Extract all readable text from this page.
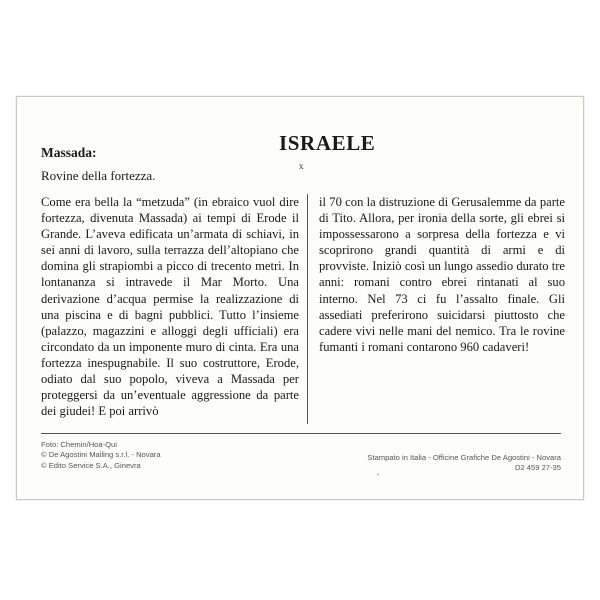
ISRAELE
x
Massada:
Rovine della fortezza.
Come era bella la “metzuda” (in ebraico vuol dire fortezza, divenuta Massada) ai tempi di Erode il Grande. L’aveva edificata un’armata di schiavi, in sei anni di lavoro, sulla terrazza dell’altopiano che domina gli strapiombi a picco di trecento metri. In lontananza si intravede il Mar Morto. Una derivazione d’acqua permise la realizzazione di una piscina e di bagni pubblici. Tutto l’insieme (palazzo, magazzini e alloggi degli ufficiali) era circondato da un imponente muro di cinta. Era una fortezza inespugnabile. Il suo costruttore, Erode, odiato dal suo popolo, viveva a Massada per proteggersi da un’eventuale aggressione da parte dei giudei! E poi arrivò
il 70 con la distruzione di Gerusalemme da parte di Tito. Allora, per ironia della sorte, gli ebrei si impossessarono a sorpresa della fortezza e vi scoprirono grandi quantità di armi e di provviste. Iniziò così un lungo assedio durato tre anni: romani contro ebrei rintanati al suo interno. Nel 73 ci fu l’assalto finale. Gli assediati preferirono suicidarsi piuttosto che cadere vivi nelle mani del nemico. Tra le rovine fumanti i romani contarono 960 cadaveri!
Foto: Chemin/Hoa-Qui
© De Agostini Mailing s.r.l. - Novara
© Edito Service S.A., Ginevra
Stampato in Italia - Officine Grafiche De Agostini - Novara
D2 459 27-35
•
